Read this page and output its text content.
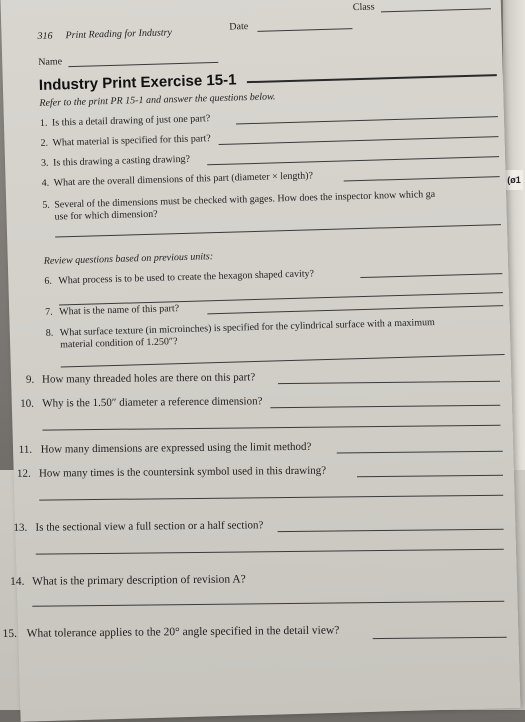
(ø1
316 Print Reading for Industry
Date
Class
Name
Industry Print Exercise 15-1
Refer to the print PR 15-1 and answer the questions below.
1. Is this a detail drawing of just one part?
2. What material is specified for this part?
3. Is this drawing a casting drawing?
4. What are the overall dimensions of this part (diameter × length)?
5. Several of the dimensions must be checked with gages. How does the inspector know which ga
use for which dimension?
Review questions based on previous units:
6. What process is to be used to create the hexagon shaped cavity?
7. What is the name of this part?
8. What surface texture (in microinches) is specified for the cylindrical surface with a maximum
material condition of 1.250″?
9. How many threaded holes are there on this part?
10. Why is the 1.50″ diameter a reference dimension?
11. How many dimensions are expressed using the limit method?
12. How many times is the countersink symbol used in this drawing?
13. Is the sectional view a full section or a half section?
14. What is the primary description of revision A?
15. What tolerance applies to the 20° angle specified in the detail view?
